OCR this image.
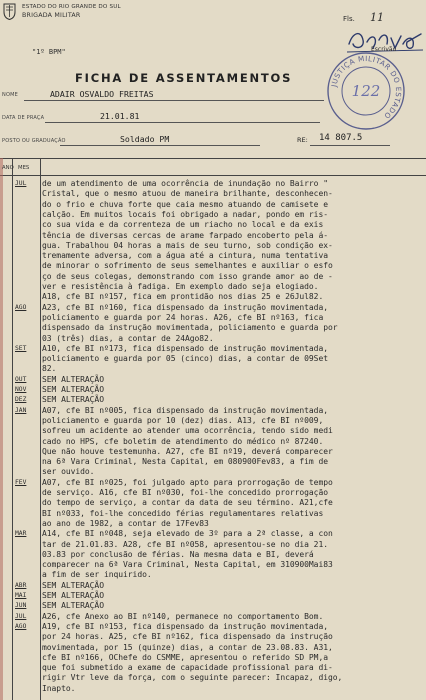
ESTADO DO RIO GRANDE DO SUL
BRIGADA MILITAR
"1º BPM"
Fls. 11
Escrivão
JUSTIÇA MILITAR DO ESTADO
122
FICHA DE ASSENTAMENTOS
NOME	ADAIR OSVALDO FREITAS
DATA DE PRAÇA	21.01.81
POSTO OU GRADUAÇÃO	Soldado PM	RE: 14 807.5
ANO MES
JUL	de um atendimento de uma ocorrência de inundação no Bairro "
Cristal, que o mesmo atuou de maneira brilhante, desconhecen-
do o frio e chuva forte que caia mesmo atuando de camisete e
calção. Em muitos locais foi obrigado a nadar, pondo em ris-
co sua vida e da correnteza de um riacho no local e da exis
tência de diversas cercas de arame farpado encoberto pela á-
gua. Trabalhou 04 horas a mais de seu turno, sob condição ex-
tremamente adversa, com a água até a cintura, numa tentativa
de minorar o sofrimento de seus semelhantes e auxiliar o esfo
ço de seus colegas, demonstrando com isso grande amor ao de -
ver e resistência à fadiga. Em exemplo dado seja elogiado.
A18, cfe BI nº157, fica em prontidão nos dias 25 e 26Jul82.
AGO	A23, cfe BI nº160, fica dispensado da instrução movimentada,
policiamento e guarda por 24 horas. A26, cfe BI nº163, fica
dispensado da instrução movimentada, policiamento e guarda por
03 (três) dias, a contar de 24Ago82.
SET	A10, cfe BI nº173, fica dispensado de instrução movimentada,
policiamento e guarda por 05 (cinco) dias, a contar de 09Set
82.
OUT	SEM ALTERAÇÃO
NOV	SEM ALTERAÇÃO
DEZ	SEM ALTERAÇÃO
JAN	A07, cfe BI nº005, fica dispensado da instrução movimentada,
policiamento e guarda por 10 (dez) dias. A13, cfe BI nº009,
sofreu um acidente ao atender uma ocorrência, tendo sido medi
cado no HPS, cfe boletim de atendimento do médico nº 87240.
Que não houve testemunha. A27, cfe BI nº19, deverá comparecer
na 6ª Vara Criminal, Nesta Capital, em 080900Fev83, a fim de
ser ouvido.
FEV	A07, cfe BI nº025, foi julgado apto para prorrogação de tempo
de serviço. A16, cfe BI nº030, foi-lhe concedido prorrogação
do tempo de serviço, a contar da data de seu término. A21,cfe
BI nº033, foi-lhe concedido férias regulamentares relativas
ao ano de 1982, a contar de 17Fev83
MAR	A14, cfe BI nº048, seja elevado de 3º para a 2ª classe, a con
tar de 21.01.83. A28, cfe BI nº058, apresentou-se no dia 21.
03.83 por conclusão de férias. Na mesma data e BI, deverá
comparecer na 6ª Vara Criminal, Nesta Capital, em 310900Mai83
a fim de ser inquirido.
ABR	SEM ALTERAÇÃO
MAI	SEM ALTERAÇÃO
JUN	SEM ALTERAÇÃO
JUL	A26, cfe Anexo ao BI nº140, permanece no comportamento Bom.
AGO	A19, cfe BI nº153, fica dispensado da instrução movimentada,
por 24 horas. A25, cfe BI nº162, fica dispensado da instrução
movimentada, por 15 (quinze) dias, a contar de 23.08.83. A31,
cfe BI nº166, OChefe do CSMME, apresentou o referido SD PM,a
que foi submetido a exame de capacidade profissional para di-
rigir Vtr leve da força, com o seguinte parecer: Incapaz, digo,
Inapto.
